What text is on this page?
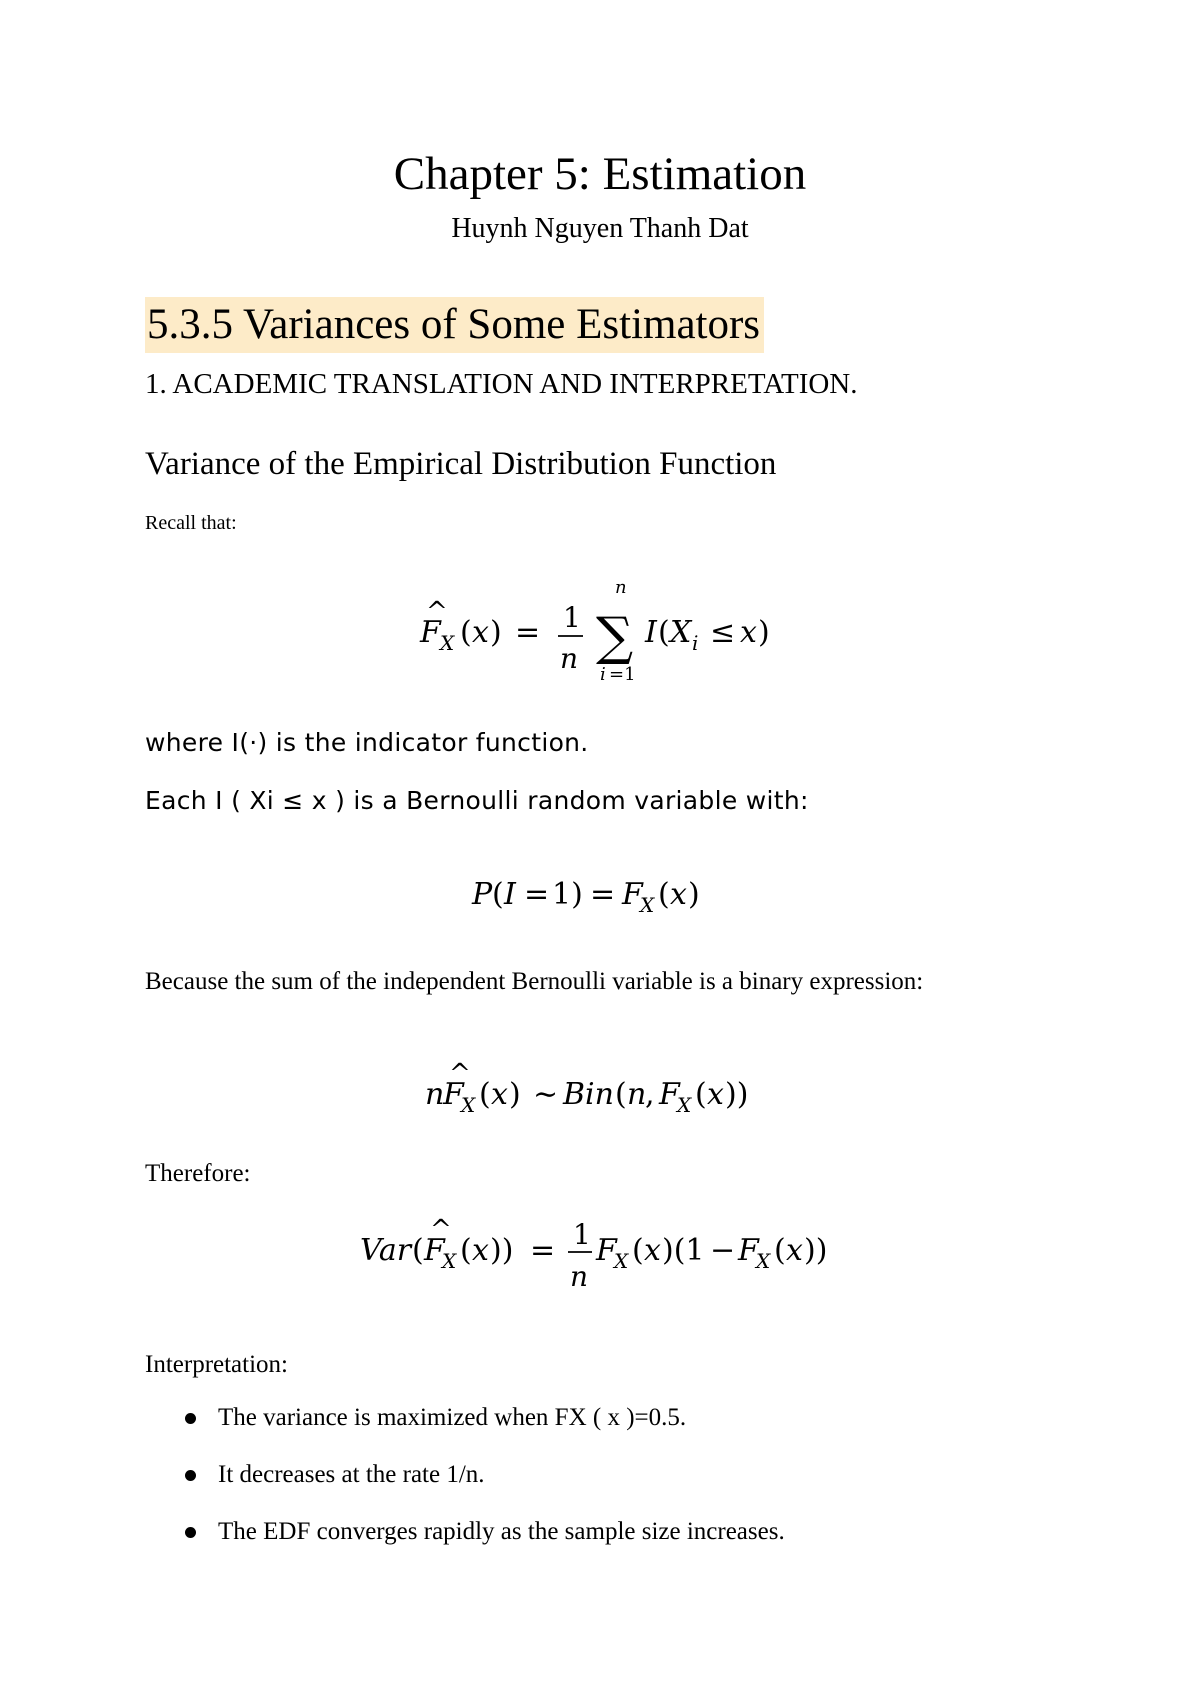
Chapter 5: Estimation
Huynh Nguyen Thanh Dat
5.3.5 Variances of Some Estimators
1. ACADEMIC TRANSLATION AND INTERPRETATION.
Variance of the Empirical Distribution Function
Recall that:
F
^
X ( x ) = 1
n
n
∑
i =1
I ( X i ≤ x )
where I(·) is the indicator function.
Each I ( Xi ≤ x ) is a Bernoulli random variable with:
P ( I = 1) = F
X ( x )
Because the sum of the independent Bernoulli variable is a binary expression:
n
F
^
X ( x ) ∼ Bin ( n
, F
X ( x ))
Therefore:
Var ( F
^
X ( x )) = 1
n
F
X ( x )(1 − F
X ( x ))
Interpretation:
The variance is maximized when FX ( x )=0.5.
It decreases at the rate 1/n.
The EDF converges rapidly as the sample size increases.
